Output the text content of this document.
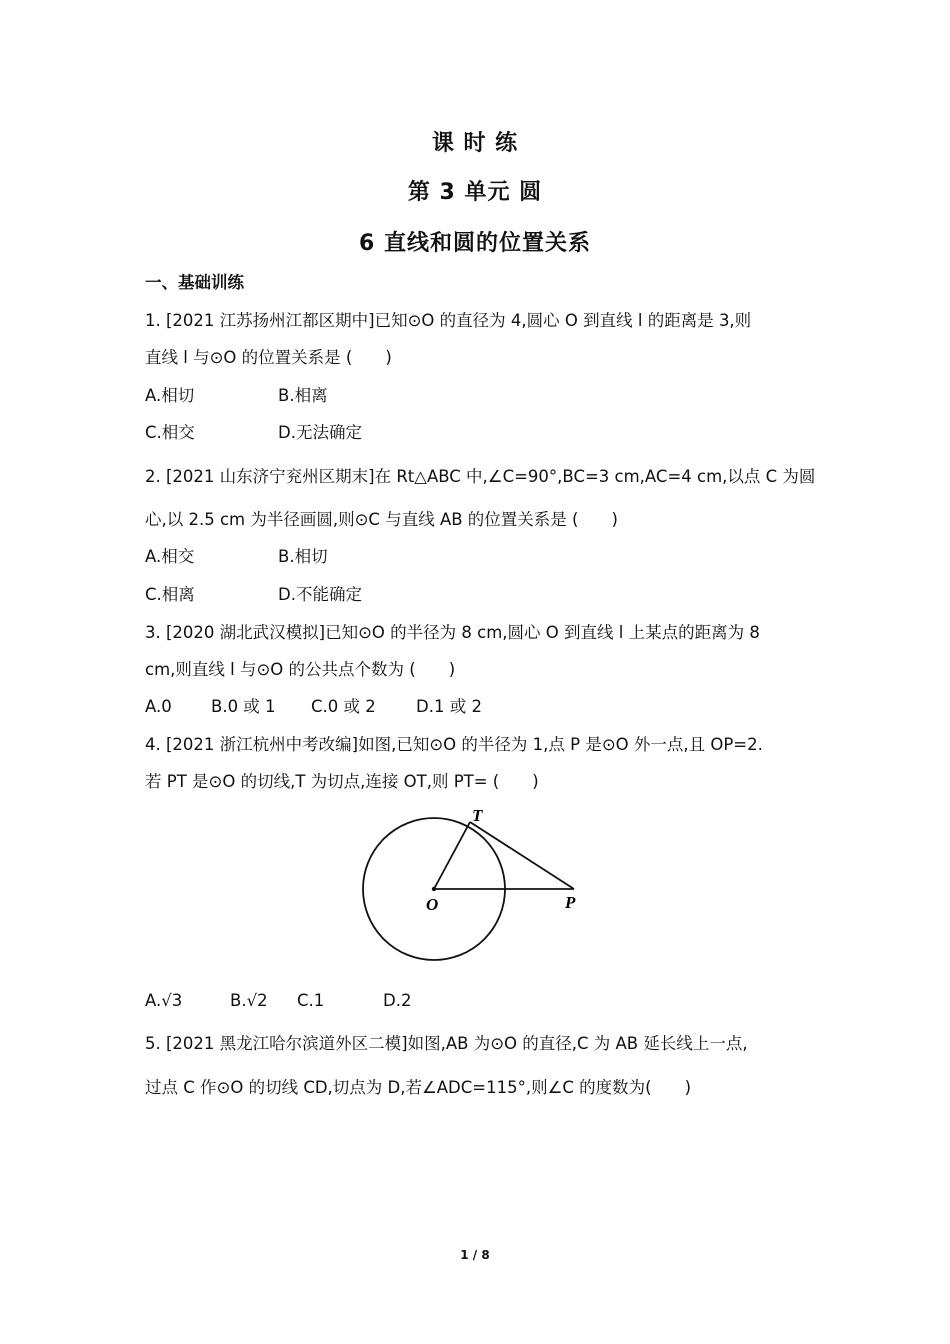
课 时 练
第 3 单元 圆
6 直线和圆的位置关系
一、基础训练
1. [2021 江苏扬州江都区期中]已知⊙O 的直径为 4,圆心 O 到直线 l 的距离是 3,则
直线 l 与⊙O 的位置关系是 (　　)
A.相切	B.相离
C.相交	D.无法确定
2. [2021 山东济宁兖州区期末]在 Rt△ABC 中,∠C=90°,BC=3 cm,AC=4 cm,以点 C 为圆
心,以 2.5 cm 为半径画圆,则⊙C 与直线 AB 的位置关系是 (　　)
A.相交	B.相切
C.相离	D.不能确定
3. [2020 湖北武汉模拟]已知⊙O 的半径为 8 cm,圆心 O 到直线 l 上某点的距离为 8
cm,则直线 l 与⊙O 的公共点个数为 (　　)
A.0 B.0 或 1 C.0 或 2 D.1 或 2
4. [2021 浙江杭州中考改编]如图,已知⊙O 的半径为 1,点 P 是⊙O 外一点,且 OP=2.
若 PT 是⊙O 的切线,T 为切点,连接 OT,则 PT= (　　)
T
O	P
A.√3	B.√2 C.1	D.2
5. [2021 黑龙江哈尔滨道外区二模]如图,AB 为⊙O 的直径,C 为 AB 延长线上一点,
过点 C 作⊙O 的切线 CD,切点为 D,若∠ADC=115°,则∠C 的度数为(　　)
1 / 8
